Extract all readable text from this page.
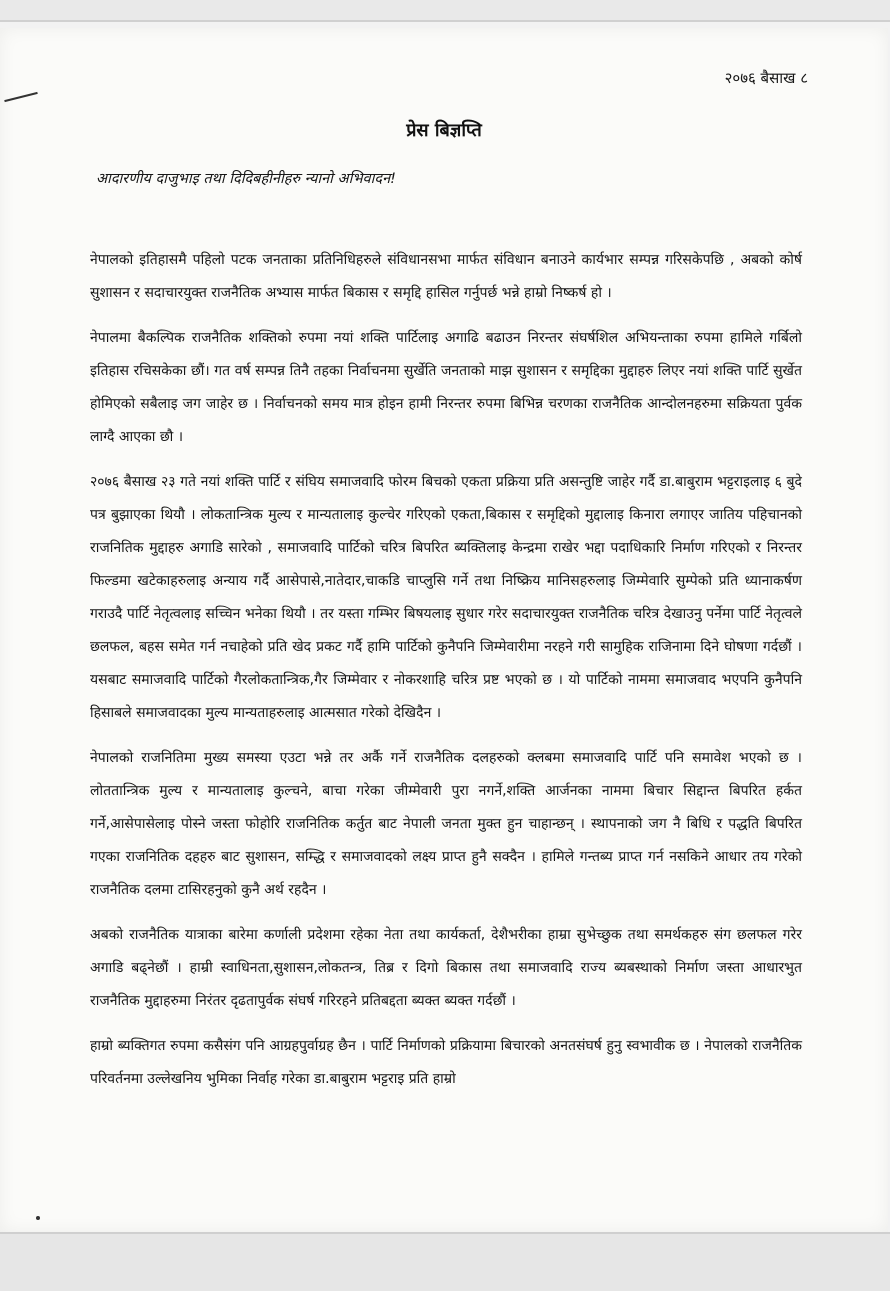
२०७६ बैसाख ८
प्रेस बिज्ञप्ति
आदारणीय दाजुभाइ तथा दिदिबहीनीहरु न्यानो अभिवादन!

नेपालको इतिहासमै पहिलो पटक जनताका प्रतिनिधिहरुले संविधानसभा मार्फत संविधान बनाउने कार्यभार सम्पन्न गरिसकेपछि , अबको कोर्ष सुशासन र सदाचारयुक्त राजनैतिक अभ्यास मार्फत बिकास र समृद्दि हासिल गर्नुपर्छ भन्ने हाम्रो निष्कर्ष हो ।

नेपालमा बैकल्पिक राजनैतिक शक्तिको रुपमा नयां शक्ति पार्टिलाइ अगाढि बढाउन निरन्तर संघर्षशिल अभियन्ताका रुपमा हामिले गर्बिलो इतिहास रचिसकेका छौं। गत वर्ष सम्पन्न तिनै तहका निर्वाचनमा सुर्खेति जनताको माझ सुशासन र समृद्दिका मुद्दाहरु लिएर नयां शक्ति पार्टि सुर्खेत होमिएको सबैलाइ जग जाहेर छ । निर्वाचनको समय मात्र होइन हामी निरन्तर रुपमा बिभिन्न चरणका राजनैतिक आन्दोलनहरुमा सक्रियता पुर्वक लाग्दै आएका छौ ।

२०७६ बैसाख २३ गते नयां शक्ति पार्टि र संघिय समाजवादि फोरम बिचको एकता प्रक्रिया प्रति असन्तुष्टि जाहेर गर्दै डा.बाबुराम भट्टराइलाइ ६ बुदे पत्र बुझाएका थियौ । लोकतान्त्रिक मुल्य र मान्यतालाइ कुल्चेर गरिएको एकता,बिकास र समृद्दिको मुद्दालाइ किनारा लगाएर जातिय पहिचानको राजनितिक मुद्दाहरु अगाडि सारेको , समाजवादि पार्टिको चरित्र बिपरित ब्यक्तिलाइ केन्द्रमा राखेर भद्दा पदाधिकारि निर्माण गरिएको र निरन्तर फिल्डमा खटेकाहरुलाइ अन्याय गर्दै आसेपासे,नातेदार,चाकडि चाप्लुसि गर्ने तथा निष्क्रिय मानिसहरुलाइ जिम्मेवारि सुम्पेको प्रति ध्यानाकर्षण गराउदै पार्टि नेतृत्वलाइ सच्चिन भनेका थियौ । तर यस्ता गम्भिर बिषयलाइ सुधार गरेर सदाचारयुक्त राजनैतिक चरित्र देखाउनु पर्नेमा पार्टि नेतृत्वले छलफल, बहस समेत गर्न नचाहेको प्रति खेद प्रकट गर्दै हामि पार्टिको कुनैपनि जिम्मेवारीमा नरहने गरी सामुहिक राजिनामा दिने घोषणा गर्दछौं । यसबाट समाजवादि पार्टिको गैरलोकतान्त्रिक,गैर जिम्मेवार र नोकरशाहि चरित्र प्रष्ट भएको छ । यो पार्टिको नाममा समाजवाद भएपनि कुनैपनि हिसाबले समाजवादका मुल्य मान्यताहरुलाइ आत्मसात गरेको देखिदैन ।

नेपालको राजनितिमा मुख्य समस्या एउटा भन्ने तर अर्कै गर्ने राजनैतिक दलहरुको क्लबमा समाजवादि पार्टि पनि समावेश भएको छ । लोततान्त्रिक मुल्य र मान्यतालाइ कुल्चने, बाचा गरेका जीम्मेवारी पुरा नगर्ने,शक्ति आर्जनका नाममा बिचार सिद्दान्त बिपरित हर्कत गर्ने,आसेपासेलाइ पोस्ने जस्ता फोहोरि राजनितिक कर्तुत बाट नेपाली जनता मुक्त हुन चाहान्छन् । स्थापनाको जग नै बिधि र पद्धति बिपरित गएका राजनितिक दहहरु बाट सुशासन, सम्द्धि र समाजवादको लक्ष्य प्राप्त हुनै सक्दैन । हामिले गन्तब्य प्राप्त गर्न नसकिने आधार तय गरेको राजनैतिक दलमा टासिरहनुको कुनै अर्थ रहदैन ।

अबको राजनैतिक यात्राका बारेमा कर्णाली प्रदेशमा रहेका नेता तथा कार्यकर्ता, देशैभरीका हाम्रा सुभेच्छुक तथा समर्थकहरु संग छलफल गरेर अगाडि बढ्नेछौं । हाम्री स्वाधिनता,सुशासन,लोकतन्त्र, तिब्र र दिगो बिकास तथा समाजवादि राज्य ब्यबस्थाको निर्माण जस्ता आधारभुत राजनैतिक मुद्दाहरुमा निरंतर दृढतापुर्वक संघर्ष गरिरहने प्रतिबद्दता ब्यक्त ब्यक्त गर्दछौं ।

हाम्रो ब्यक्तिगत रुपमा कसैसंग पनि आग्रहपुर्वाग्रह छैन । पार्टि निर्माणको प्रक्रियामा बिचारको अनतसंघर्ष हुनु स्वभावीक छ । नेपालको राजनैतिक परिवर्तनमा उल्लेखनिय भुमिका निर्वाह गरेका डा.बाबुराम भट्टराइ प्रति हाम्रो
